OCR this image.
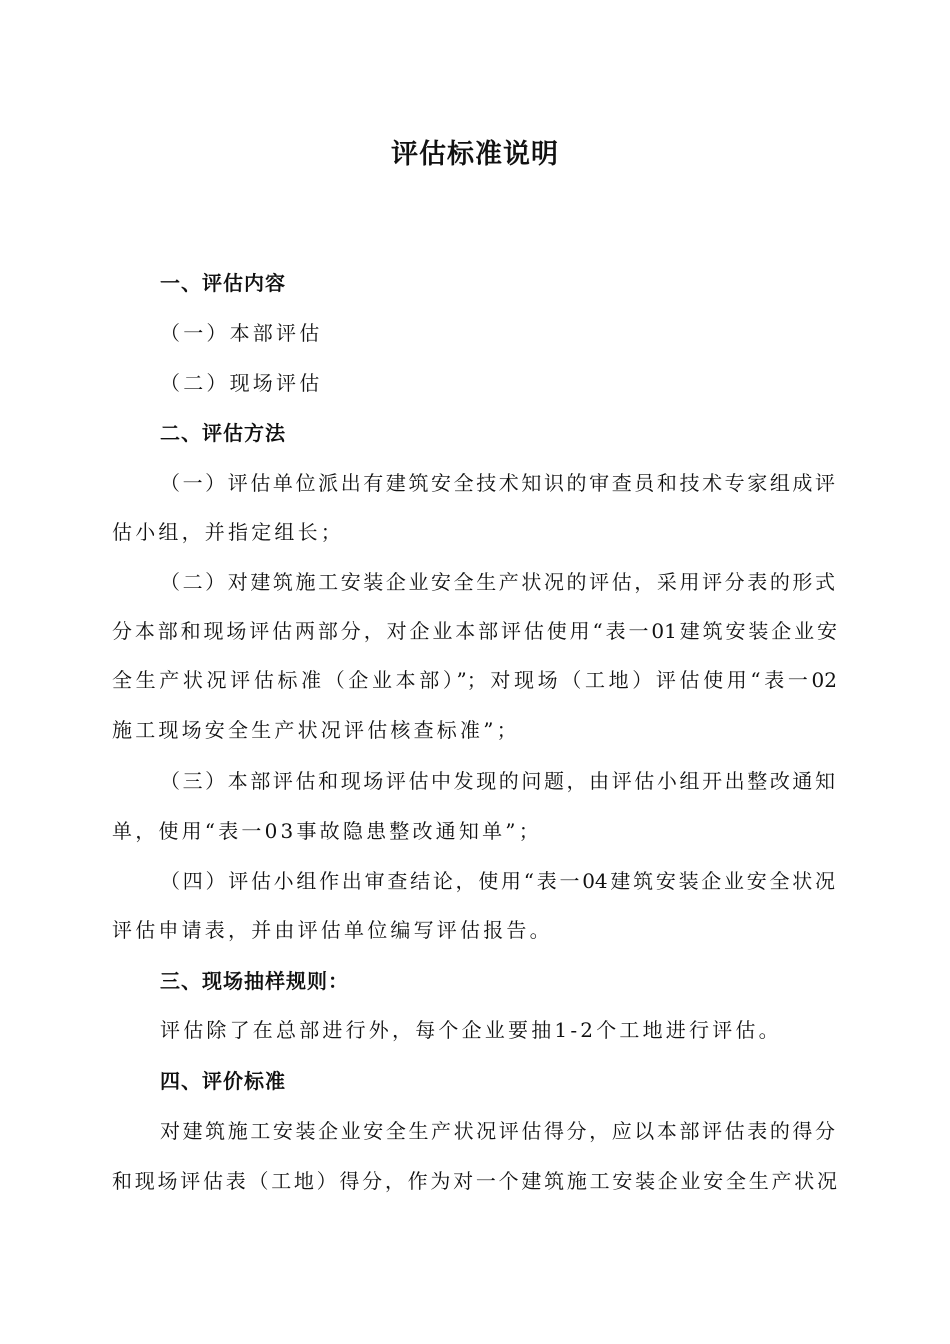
评估标准说明
一、评估内容
（一）本部评估
（二）现场评估
二、评估方法
（一）评估单位派出有建筑安全技术知识的审查员和技术专家组成评
估小组，并指定组长；
（二）对建筑施工安装企业安全生产状况的评估，采用评分表的形式
分本部和现场评估两部分，对企业本部评估使用“表一01建筑安装企业安
全生产状况评估标准（企业本部）”；对现场（工地）评估使用“表一02
施工现场安全生产状况评估核查标准”；
（三）本部评估和现场评估中发现的问题，由评估小组开出整改通知
单，使用“表一03事故隐患整改通知单”；
（四）评估小组作出审查结论，使用“表一04建筑安装企业安全状况
评估申请表，并由评估单位编写评估报告。
三、现场抽样规则：
评估除了在总部进行外，每个企业要抽1-2个工地进行评估。
四、评价标准
对建筑施工安装企业安全生产状况评估得分，应以本部评估表的得分
和现场评估表（工地）得分，作为对一个建筑施工安装企业安全生产状况
